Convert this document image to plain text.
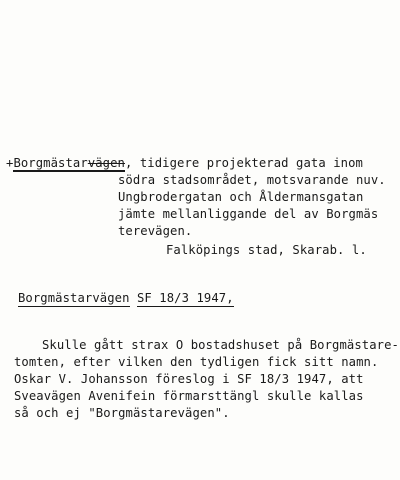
+Borgmästarvägen
, tidigere projekterad gata inom
södra stadsområdet, motsvarande nuv.
Ungbrodergatan och Åldermansgatan
jämte mellanliggande del av Borgmäs
terevägen.
Falköpings stad, Skarab. l.
Borgmästarvägen SF 18/3 1947,
Skulle gått strax O bostadshuset på Borgmästare-
tomten, efter vilken den tydligen fick sitt namn.
Oskar V. Johansson föreslog i SF 18/3 1947, att
Sveavägen Avenifein förmarsttängl skulle kallas
så och ej "Borgmästarevägen".
